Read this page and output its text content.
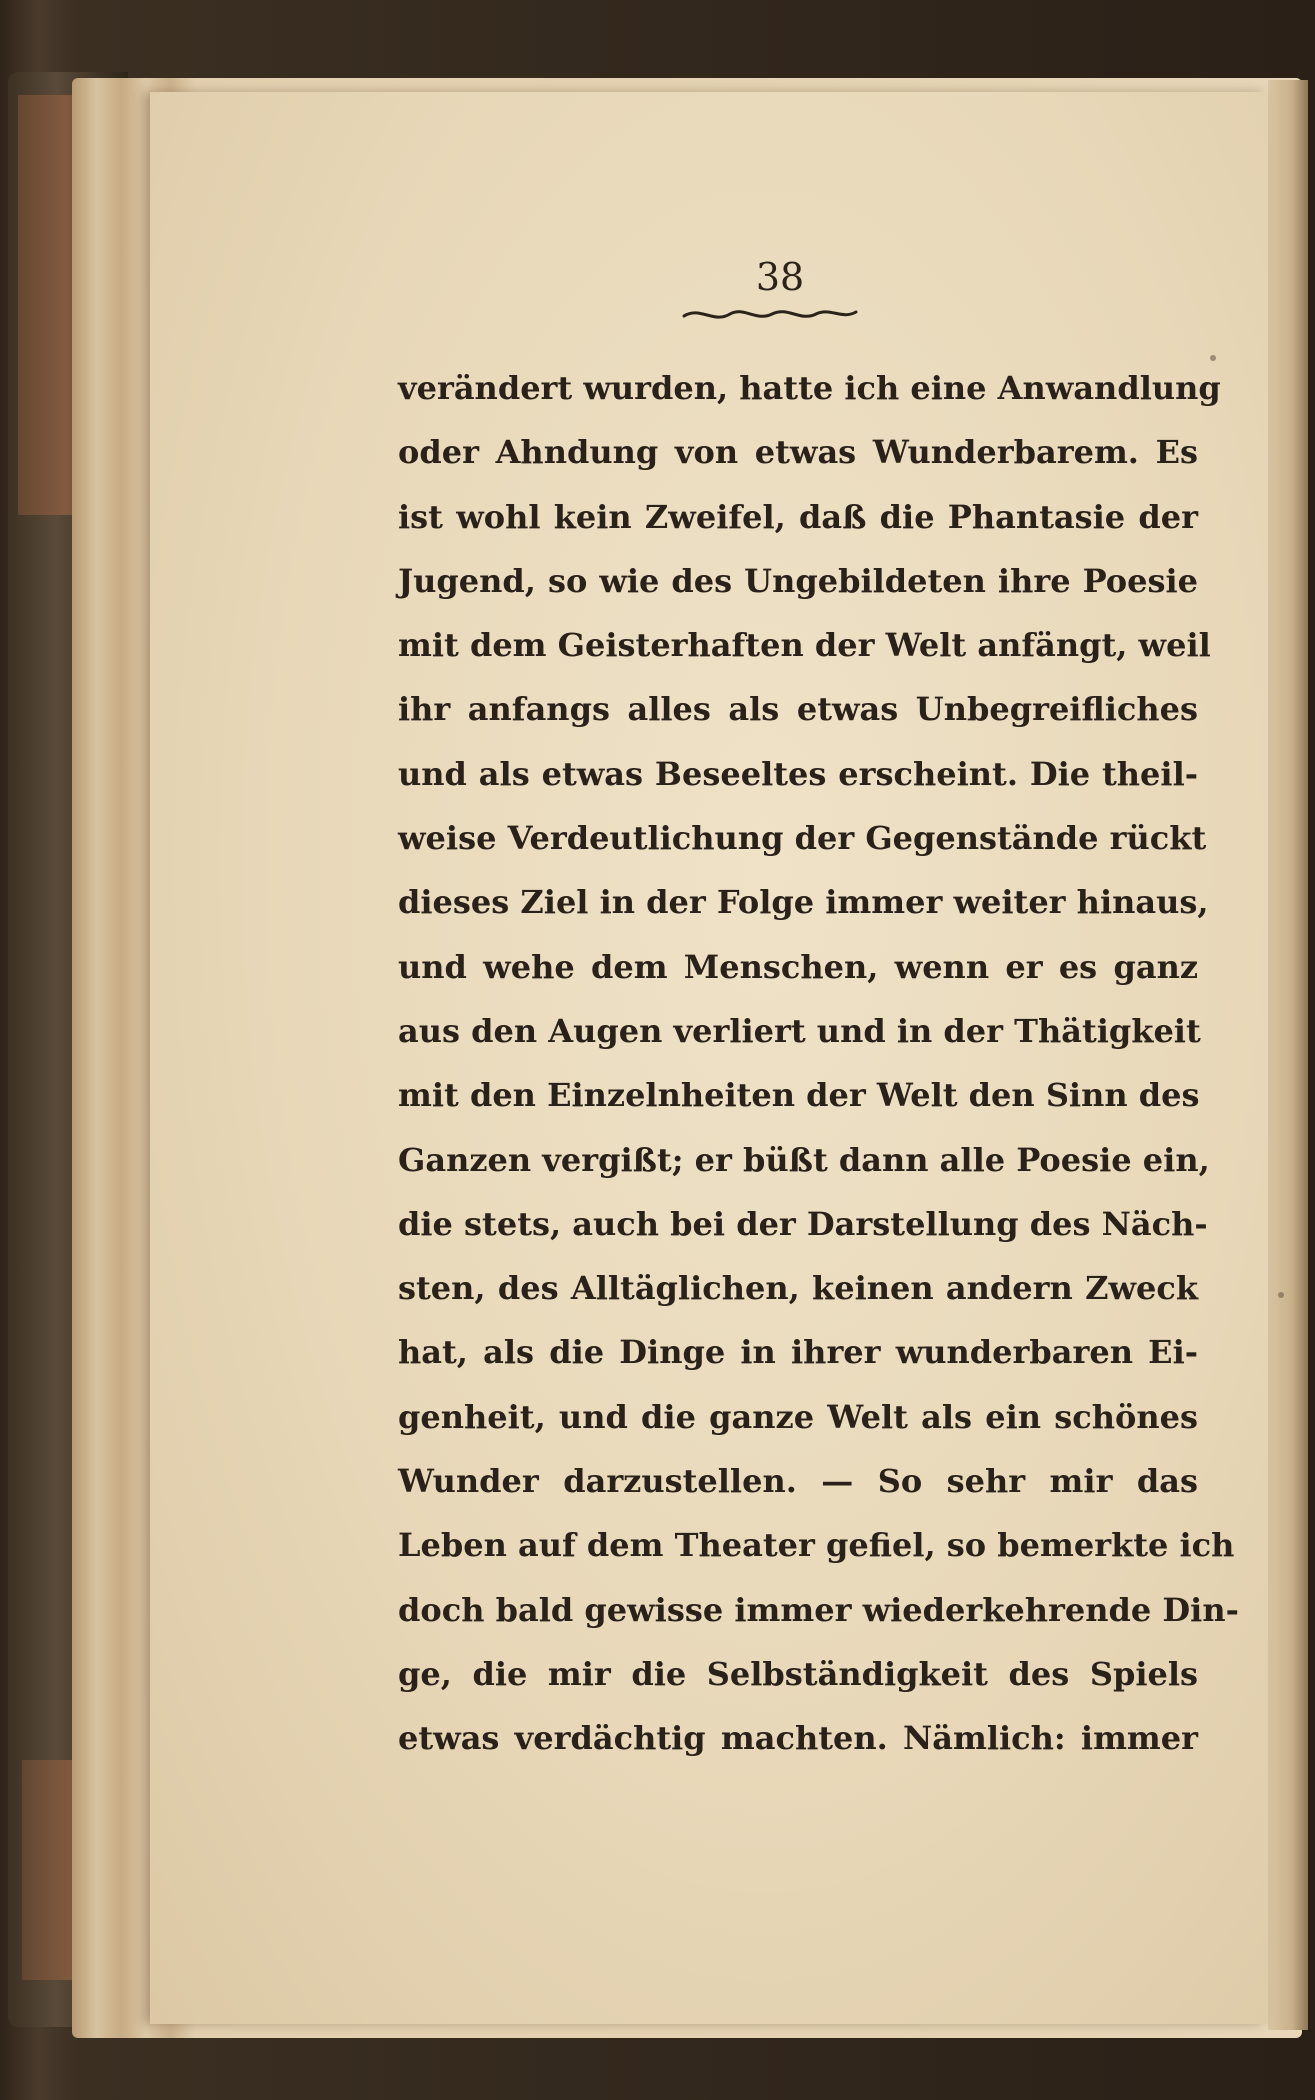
38
verändert wurden, hatte ich eine Anwandlung
oder Ahndung von etwas Wunderbarem. Es
ist wohl kein Zweifel, daß die Phantasie der
Jugend, so wie des Ungebildeten ihre Poesie
mit dem Geisterhaften der Welt anfängt, weil
ihr anfangs alles als etwas Unbegreifliches
und als etwas Beseeltes erscheint. Die theil-
weise Verdeutlichung der Gegenstände rückt
dieses Ziel in der Folge immer weiter hinaus,
und wehe dem Menschen, wenn er es ganz
aus den Augen verliert und in der Thätigkeit
mit den Einzelnheiten der Welt den Sinn des
Ganzen vergißt; er büßt dann alle Poesie ein,
die stets, auch bei der Darstellung des Näch-
sten, des Alltäglichen, keinen andern Zweck
hat, als die Dinge in ihrer wunderbaren Ei-
genheit, und die ganze Welt als ein schönes
Wunder darzustellen. — So sehr mir das
Leben auf dem Theater gefiel, so bemerkte ich
doch bald gewisse immer wiederkehrende Din-
ge, die mir die Selbständigkeit des Spiels
etwas verdächtig machten. Nämlich: immer
